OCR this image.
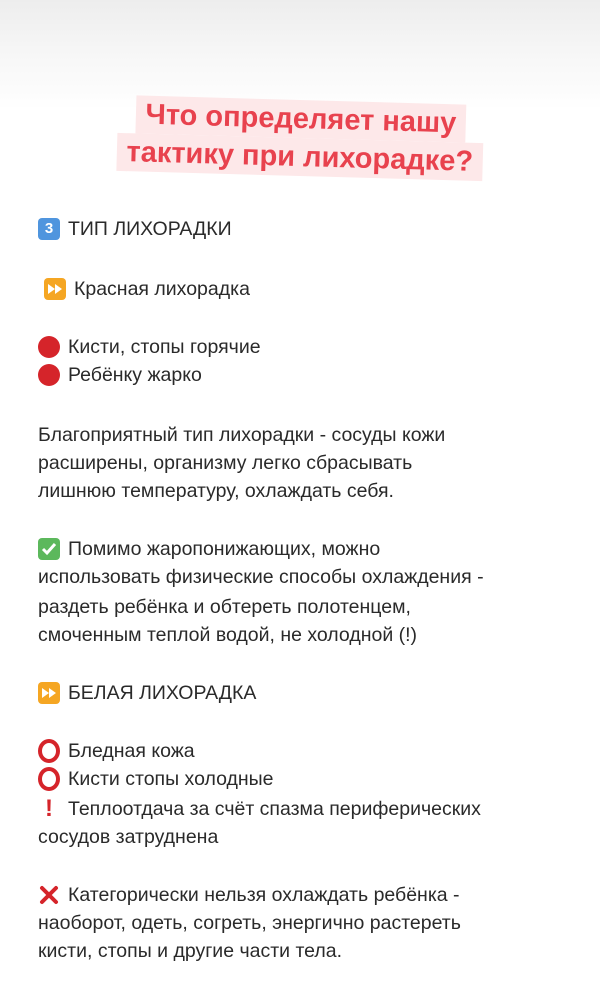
Что определяет нашу
тактику при лихорадке?
3 ТИП ЛИХОРАДКИ
Красная лихорадка
Кисти, стопы горячие
Ребёнку жарко
Благоприятный тип лихорадки - сосуды кожи
расширены, организму легко сбрасывать
лишнюю температуру, охлаждать себя.
Помимо жаропонижающих, можно
использовать физические способы охлаждения -
раздеть ребёнка и обтереть полотенцем,
смоченным теплой водой, не холодной (!)
БЕЛАЯ ЛИХОРАДКА
Бледная кожа
Кисти стопы холодные
! Теплоотдача за счёт спазма периферических
сосудов затруднена
Категорически нельзя охлаждать ребёнка -
наоборот, одеть, согреть, энергично растереть
кисти, стопы и другие части тела.
